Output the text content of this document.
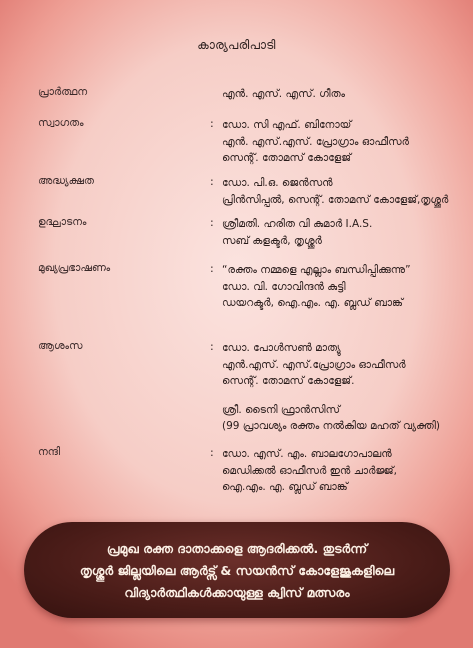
കാര്യപരിപാടി
പ്രാർത്ഥന	എൻ. എസ്. എസ്. ഗീതം
സ്വാഗതം	: ഡോ. സി എഫ്. ബിനോയ്
എൻ. എസ്.എസ്. പ്രോഗ്രാം ഓഫീസർ
സെന്റ്. തോമസ് കോളേജ്
അദ്ധ്യക്ഷത	: ഡോ. പി.ഒ. ജെൻസൻ
പ്രിൻസിപ്പൽ, സെന്റ്. തോമസ് കോളേജ്,തൃശ്ശൂർ
ഉദ്ഘാടനം	: ശ്രീമതി. ഹരിത വി കുമാർ I.A.S.
സബ് കളക്ടർ, തൃശ്ശൂർ
മുഖ്യപ്രഭാഷണം	: “രക്തം നമ്മളെ എല്ലാം ബന്ധിപ്പിക്കുന്നു”
ഡോ. വി. ഗോവിന്ദൻ കുട്ടി
ഡയറക്ടർ, ഐ.എം. എ. ബ്ലഡ് ബാങ്ക്
ആശംസ	: ഡോ. പോൾസൺ മാത്യു
എൻ.എസ്. എസ്.പ്രോഗ്രാം ഓഫീസർ
സെന്റ്. തോമസ് കോളേജ്.
ശ്രീ. ടൈനി ഫ്രാൻസിസ്
(99 പ്രാവശ്യം രക്തം നൽകിയ മഹത് വ്യക്തി)
നന്ദി	: ഡോ. എസ്. എം. ബാലഗോപാലൻ
മെഡിക്കൽ ഓഫീസർ ഇൻ ചാർജ്ജ്,
ഐ.എം. എ. ബ്ലഡ് ബാങ്ക്
പ്രമുഖ രക്ത ദാതാക്കളെ ആദരിക്കൽ. തുടർന്ന്
തൃശ്ശൂർ ജില്ലയിലെ ആർട്സ് & സയൻസ് കോളേജുകളിലെ
വിദ്യാർത്ഥികൾക്കായുള്ള ക്വിസ് മത്സരം
